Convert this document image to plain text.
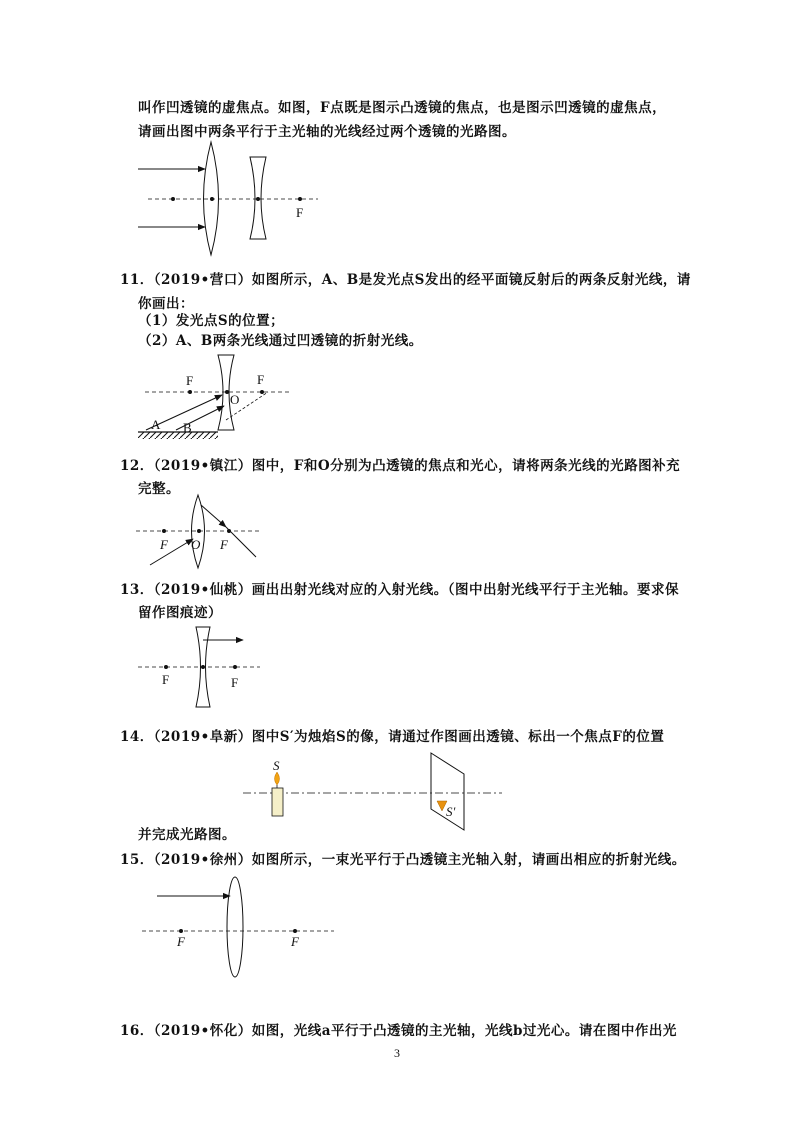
叫作凹透镜的虚焦点。如图，F点既是图示凸透镜的焦点，也是图示凹透镜的虚焦点，
请画出图中两条平行于主光轴的光线经过两个透镜的光路图。
11．（2019•营口）如图所示，A、B是发光点S发出的经平面镜反射后的两条反射光线，请
你画出：
（1）发光点S的位置；
（2）A、B两条光线通过凹透镜的折射光线。
12．（2019•镇江）图中，F和O分别为凸透镜的焦点和光心，请将两条光线的光路图补充
完整。
13．（2019•仙桃）画出出射光线对应的入射光线。（图中出射光线平行于主光轴。要求保
留作图痕迹）
14．（2019•阜新）图中S′为烛焰S的像，请通过作图画出透镜、标出一个焦点F的位置
并完成光路图。
15．（2019•徐州）如图所示，一束光平行于凸透镜主光轴入射，请画出相应的折射光线。
16．（2019•怀化）如图，光线a平行于凸透镜的主光轴，光线b过光心。请在图中作出光
3
F
F	F
O
A B
F O F
F	F
S
S′
F	F
